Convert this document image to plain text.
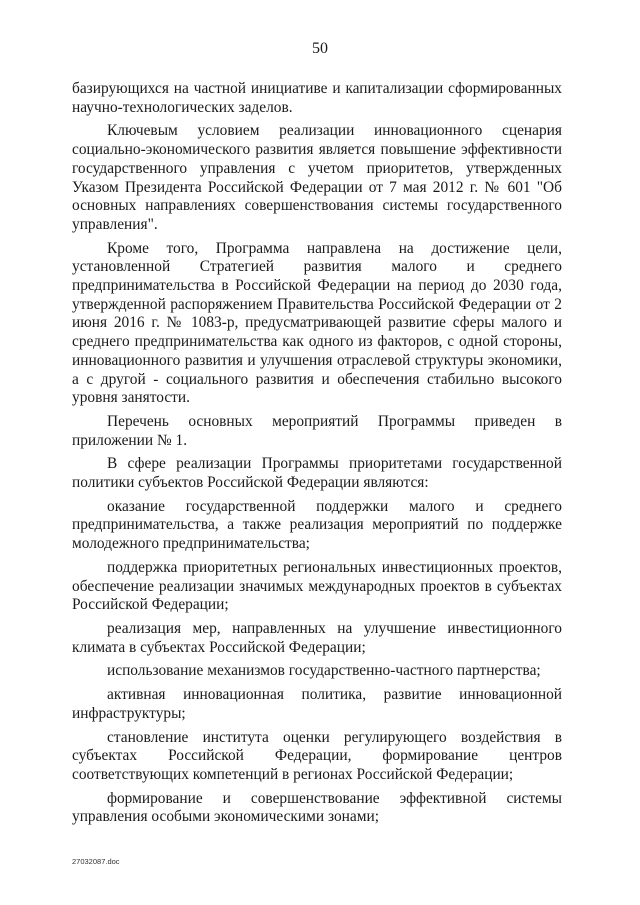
50

базирующихся на частной инициативе и капитализации сформированных научно-технологических заделов.

Ключевым условием реализации инновационного сценария социально-экономического развития является повышение эффективности государственного управления с учетом приоритетов, утвержденных Указом Президента Российской Федерации от 7 мая 2012 г. № 601 "Об основных направлениях совершенствования системы государственного управления".

Кроме того, Программа направлена на достижение цели, установленной Стратегией развития малого и среднего предпринимательства в Российской Федерации на период до 2030 года, утвержденной распоряжением Правительства Российской Федерации от 2 июня 2016 г. № 1083-р, предусматривающей развитие сферы малого и среднего предпринимательства как одного из факторов, с одной стороны, инновационного развития и улучшения отраслевой структуры экономики, а с другой - социального развития и обеспечения стабильно высокого уровня занятости.

Перечень основных мероприятий Программы приведен в приложении № 1.

В сфере реализации Программы приоритетами государственной политики субъектов Российской Федерации являются:

оказание государственной поддержки малого и среднего предпринимательства, а также реализация мероприятий по поддержке молодежного предпринимательства;

поддержка приоритетных региональных инвестиционных проектов, обеспечение реализации значимых международных проектов в субъектах Российской Федерации;

реализация мер, направленных на улучшение инвестиционного климата в субъектах Российской Федерации;

использование механизмов государственно-частного партнерства;

активная инновационная политика, развитие инновационной инфраструктуры;

становление института оценки регулирующего воздействия в субъектах Российской Федерации, формирование центров соответствующих компетенций в регионах Российской Федерации;

формирование и совершенствование эффективной системы управления особыми экономическими зонами;

27032087.doc
